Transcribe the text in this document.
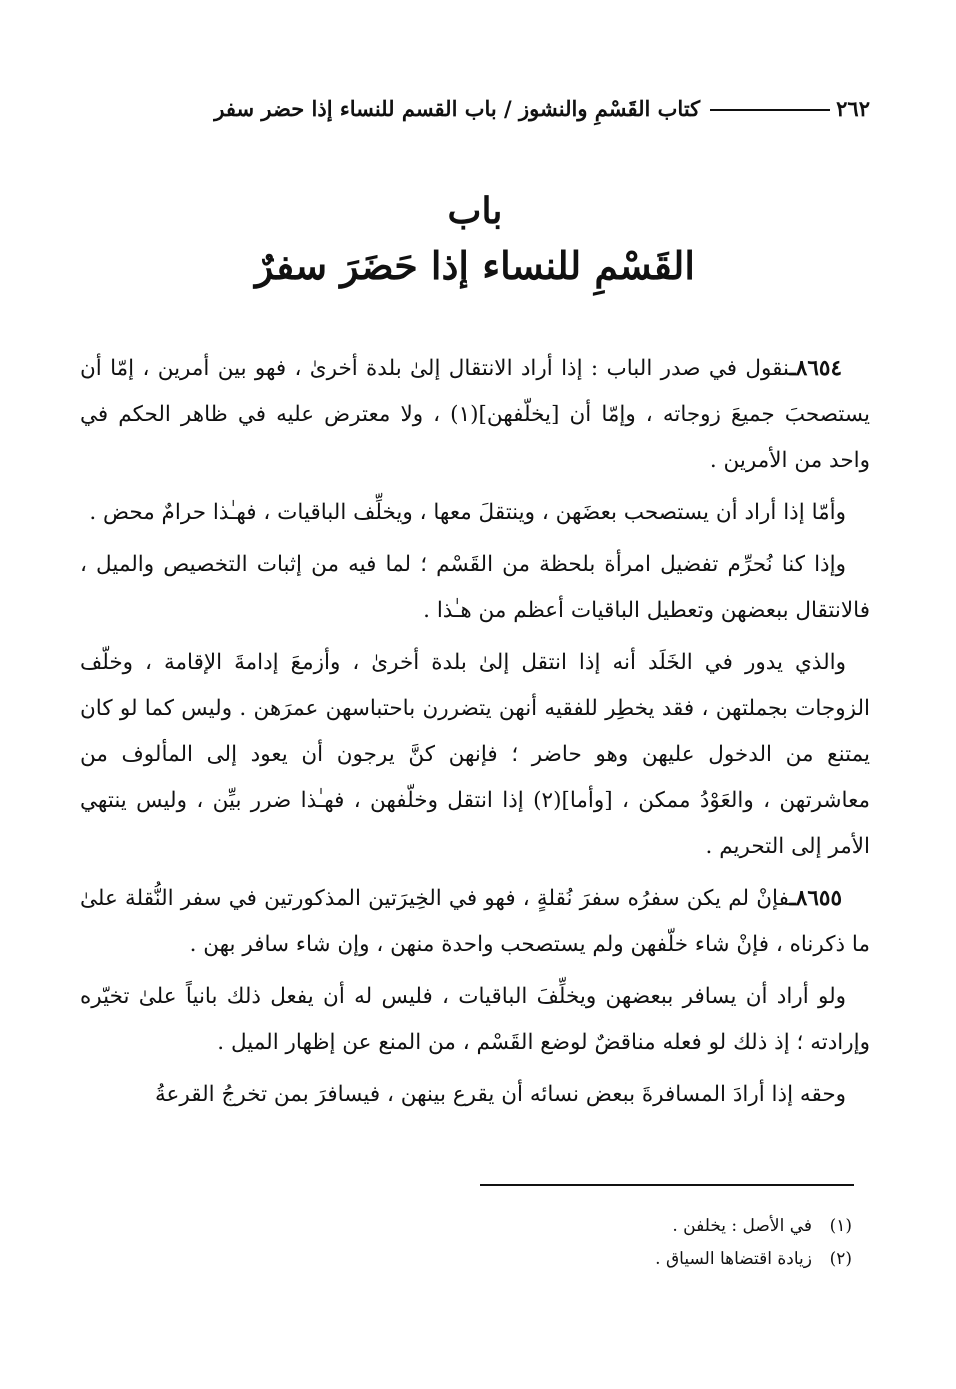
٢٦٢
كتاب القَسْمِ والنشوز / باب القسم للنساء إذا حضر سفر
باب
القَسْمِ للنساء إذا حَضَرَ سفرٌ

٨٦٥٤ـنقول في صدر الباب : إذا أراد الانتقال إلىٰ بلدة أخرىٰ ، فهو بين أمرين ، إمّا أن يستصحبَ جميعَ زوجاته ، وإمّا أن [يخلّفهن](١) ، ولا معترض عليه في ظاهر الحكم في واحد من الأمرين .

وأمّا إذا أراد أن يستصحب بعضَهن ، وينتقلَ معها ، ويخلِّف الباقيات ، فهـٰذا حرامٌ محض .

وإذا كنا نُحرِّم تفضيل امرأة بلحظة من القَسْم ؛ لما فيه من إثبات التخصيص والميل ، فالانتقال ببعضهن وتعطيل الباقيات أعظم من هـٰذا .

والذي يدور في الخَلَد أنه إذا انتقل إلىٰ بلدة أخرىٰ ، وأزمعَ إدامةَ الإقامة ، وخلّف الزوجات بجملتهن ، فقد يخطِر للفقيه أنهن يتضررن باحتباسهن عمرَهن . وليس كما لو كان يمتنع من الدخول عليهن وهو حاضر ؛ فإنهن كنَّ يرجون أن يعود إلى المألوف من معاشرتهن ، والعَوْدُ ممكن ، [وأما](٢) إذا انتقل وخلّفهن ، فهـٰذا ضرر بيِّن ، وليس ينتهي الأمر إلى التحريم .

٨٦٥٥ـفإنْ لم يكن سفرُه سفرَ نُقلةٍ ، فهو في الخِيرَتين المذكورتين في سفر النُّقلة علىٰ ما ذكرناه ، فإنْ شاء خلّفهن ولم يستصحب واحدة منهن ، وإن شاء سافر بهن .

ولو أراد أن يسافر ببعضهن ويخلِّفَ الباقيات ، فليس له أن يفعل ذلك بانياً علىٰ تخيّره وإرادته ؛ إذ ذلك لو فعله مناقضٌ لوضع القَسْم ، من المنع عن إظهار الميل .

وحقه إذا أرادَ المسافرةَ ببعض نسائه أن يقرع بينهن ، فيسافرَ بمن تخرجُ القرعةُ

(١)
في الأصل : يخلفن .
(٢)
زيادة اقتضاها السياق .
